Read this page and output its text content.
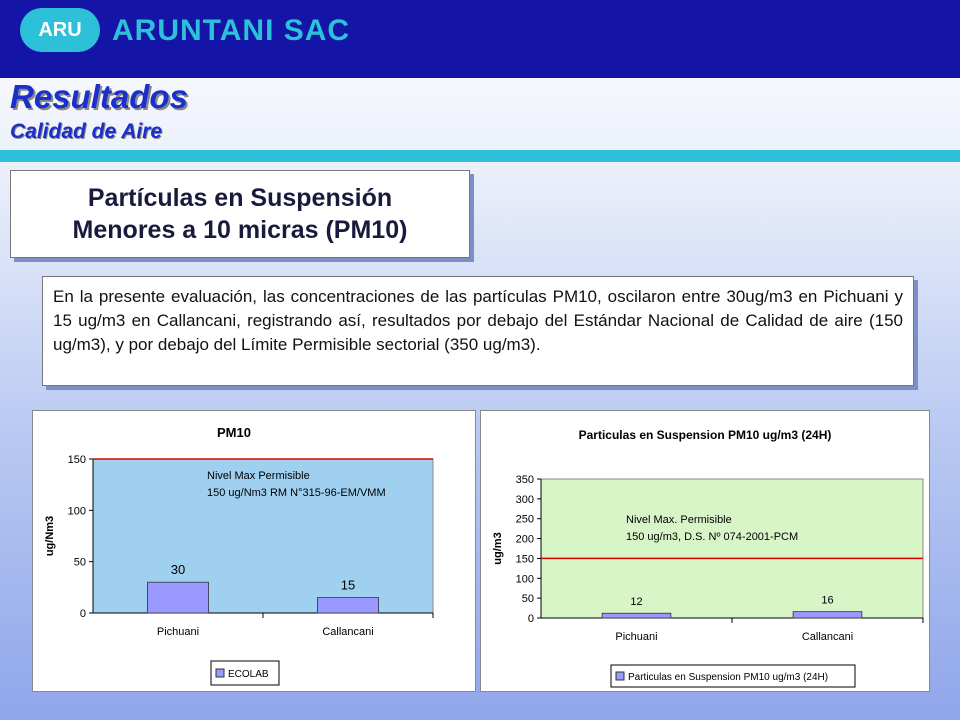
ARU	ARUNTANI SAC
Resultados
Calidad de Aire
Partículas en Suspensión
Menores a 10 micras (PM10)
En la presente evaluación, las concentraciones de las partículas PM10, oscilaron entre 30ug/m3 en Pichuani y 15 ug/m3 en Callancani, registrando así, resultados por debajo del Estándar Nacional de Calidad de aire (150 ug/m3), y por debajo del Límite Permisible sectorial (350 ug/m3).
PM10
0
50
100
150
ug/Nm3
Nivel Max Permisible
150 ug/Nm3 RM N°315-96-EM/VMM
30
Pichuani
15
Callancani
ECOLAB
Particulas en Suspension PM10 ug/m3 (24H)
0
50
100
150
200
250
300
350
ug/m3
Nivel Max. Permisible
150 ug/m3, D.S. Nº 074-2001-PCM
12
Pichuani
16
Callancani
Particulas en Suspension PM10 ug/m3 (24H)
